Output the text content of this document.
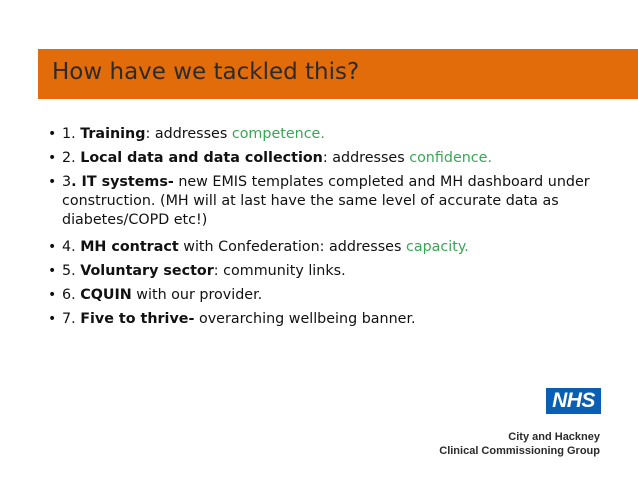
How have we tackled this?
• 1. Training: addresses competence.
• 2. Local data and data collection: addresses confidence.
• 3. IT systems- new EMIS templates completed and MH dashboard under construction. (MH will at last have the same level of accurate data as diabetes/COPD etc!)
• 4. MH contract with Confederation: addresses capacity.
• 5. Voluntary sector: community links.
• 6. CQUIN with our provider.
• 7. Five to thrive- overarching wellbeing banner.
NHS

City and Hackney

Clinical Commissioning Group
